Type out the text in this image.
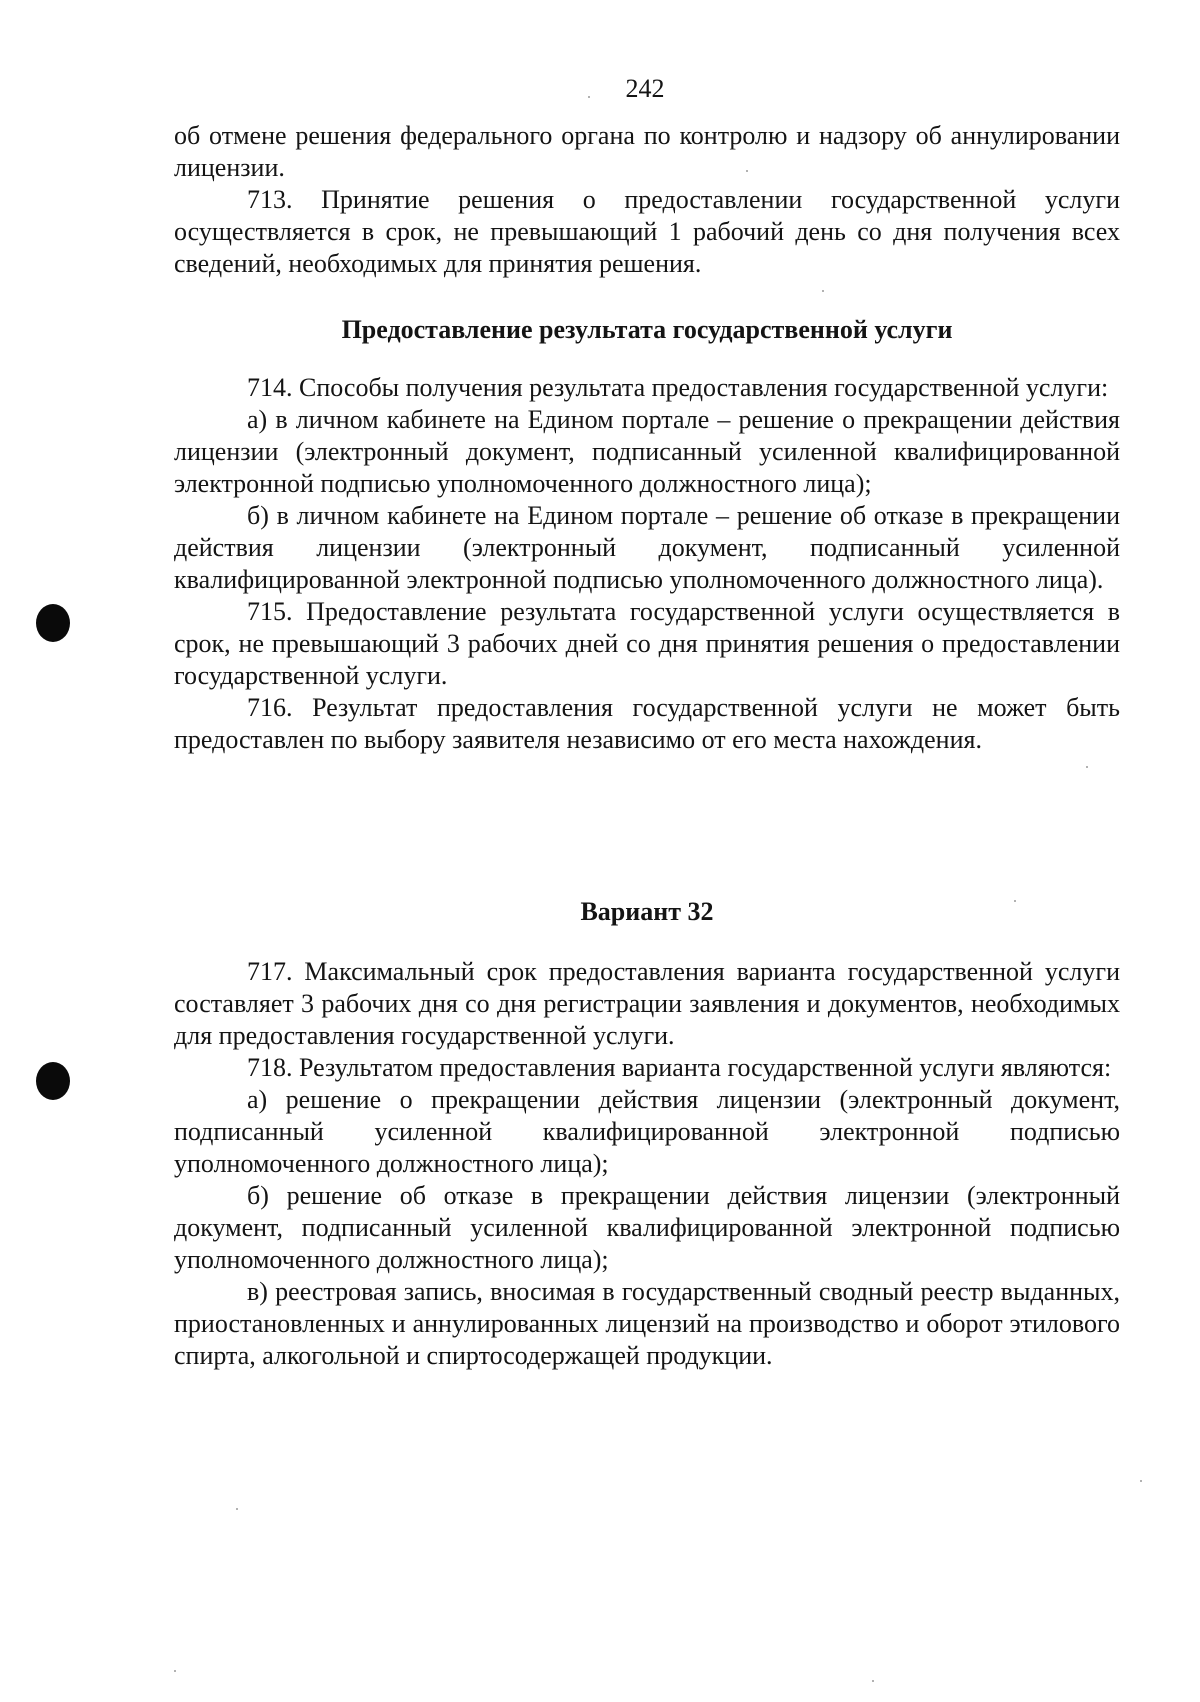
242

об отмене решения федерального органа по контролю и надзору об аннулировании лицензии.

713. Принятие решения о предоставлении государственной услуги осуществляется в срок, не превышающий 1 рабочий день со дня получения всех сведений, необходимых для принятия решения.

Предоставление результата государственной услуги

714. Способы получения результата предоставления государственной услуги:

а) в личном кабинете на Едином портале – решение о прекращении действия лицензии (электронный документ, подписанный усиленной квалифицированной электронной подписью уполномоченного должностного лица);

б) в личном кабинете на Едином портале – решение об отказе в прекращении действия лицензии (электронный документ, подписанный усиленной квалифицированной электронной подписью уполномоченного должностного лица).

715. Предоставление результата государственной услуги осуществляется в срок, не превышающий 3 рабочих дней со дня принятия решения о предоставлении государственной услуги.

716. Результат предоставления государственной услуги не может быть предоставлен по выбору заявителя независимо от его места нахождения.

Вариант 32

717. Максимальный срок предоставления варианта государственной услуги составляет 3 рабочих дня со дня регистрации заявления и документов, необходимых для предоставления государственной услуги.

718. Результатом предоставления варианта государственной услуги являются:

а) решение о прекращении действия лицензии (электронный документ, подписанный усиленной квалифицированной электронной подписью уполномоченного должностного лица);

б) решение об отказе в прекращении действия лицензии (электронный документ, подписанный усиленной квалифицированной электронной подписью уполномоченного должностного лица);

в) реестровая запись, вносимая в государственный сводный реестр выданных, приостановленных и аннулированных лицензий на производство и оборот этилового спирта, алкогольной и спиртосодержащей продукции.
